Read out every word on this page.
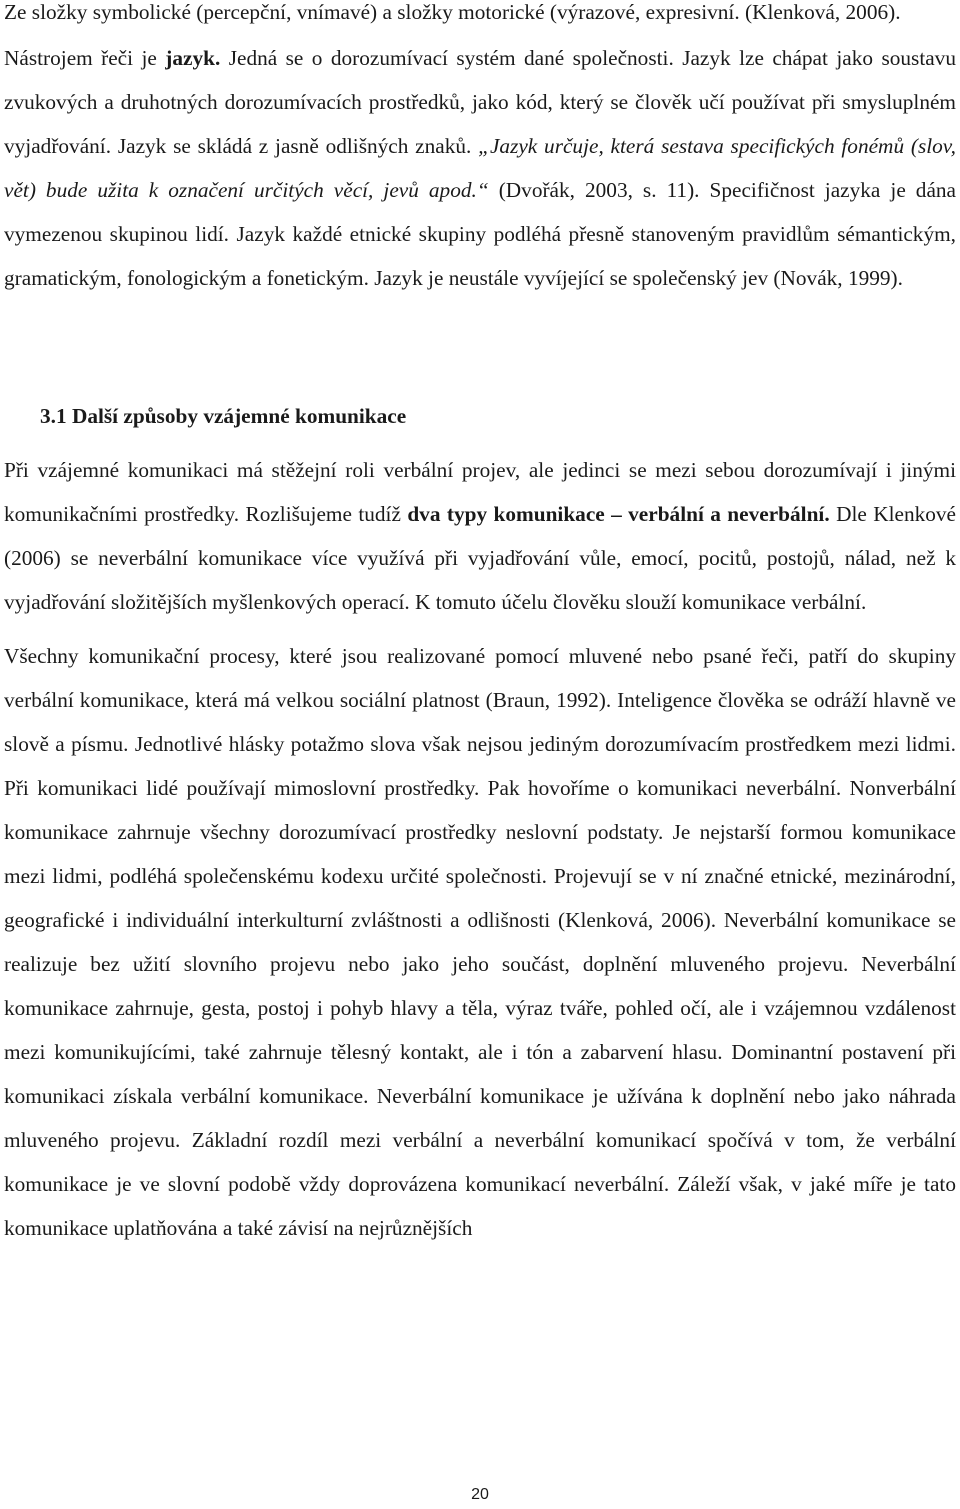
Ze složky symbolické (percepční, vnímavé) a složky motorické (výrazové, expresivní. (Klenková, 2006).

Nástrojem řeči je jazyk. Jedná se o dorozumívací systém dané společnosti. Jazyk lze chápat jako soustavu zvukových a druhotných dorozumívacích prostředků, jako kód, který se člověk učí používat při smysluplném vyjadřování. Jazyk se skládá z jasně odlišných znaků. „Jazyk určuje, která sestava specifických fonémů (slov, vět) bude užita k označení určitých věcí, jevů apod.“ (Dvořák, 2003, s. 11). Specifičnost jazyka je dána vymezenou skupinou lidí. Jazyk každé etnické skupiny podléhá přesně stanoveným pravidlům sémantickým, gramatickým, fonologickým a fonetickým. Jazyk je neustále vyvíjející se společenský jev (Novák, 1999).

3.1 Další způsoby vzájemné komunikace

Při vzájemné komunikaci má stěžejní roli verbální projev, ale jedinci se mezi sebou dorozumívají i jinými komunikačními prostředky. Rozlišujeme tudíž dva typy komunikace – verbální a neverbální. Dle Klenkové (2006) se neverbální komunikace více využívá při vyjadřování vůle, emocí, pocitů, postojů, nálad, než k vyjadřování složitějších myšlenkových operací. K tomuto účelu člověku slouží komunikace verbální.

Všechny komunikační procesy, které jsou realizované pomocí mluvené nebo psané řeči, patří do skupiny verbální komunikace, která má velkou sociální platnost (Braun, 1992). Inteligence člověka se odráží hlavně ve slově a písmu. Jednotlivé hlásky potažmo slova však nejsou jediným dorozumívacím prostředkem mezi lidmi. Při komunikaci lidé používají mimoslovní prostředky. Pak hovoříme o komunikaci neverbální. Nonverbální komunikace zahrnuje všechny dorozumívací prostředky neslovní podstaty. Je nejstarší formou komunikace mezi lidmi, podléhá společenskému kodexu určité společnosti. Projevují se v ní značné etnické, mezinárodní, geografické i individuální interkulturní zvláštnosti a odlišnosti (Klenková, 2006). Neverbální komunikace se realizuje bez užití slovního projevu nebo jako jeho součást, doplnění mluveného projevu. Neverbální komunikace zahrnuje, gesta, postoj i pohyb hlavy a těla, výraz tváře, pohled očí, ale i vzájemnou vzdálenost mezi komunikujícími, také zahrnuje tělesný kontakt, ale i tón a zabarvení hlasu. Dominantní postavení při komunikaci získala verbální komunikace. Neverbální komunikace je užívána k doplnění nebo jako náhrada mluveného projevu. Základní rozdíl mezi verbální a neverbální komunikací spočívá v tom, že verbální komunikace je ve slovní podobě vždy doprovázena komunikací neverbální. Záleží však, v jaké míře je tato komunikace uplatňována a také závisí na nejrůznějších

20
